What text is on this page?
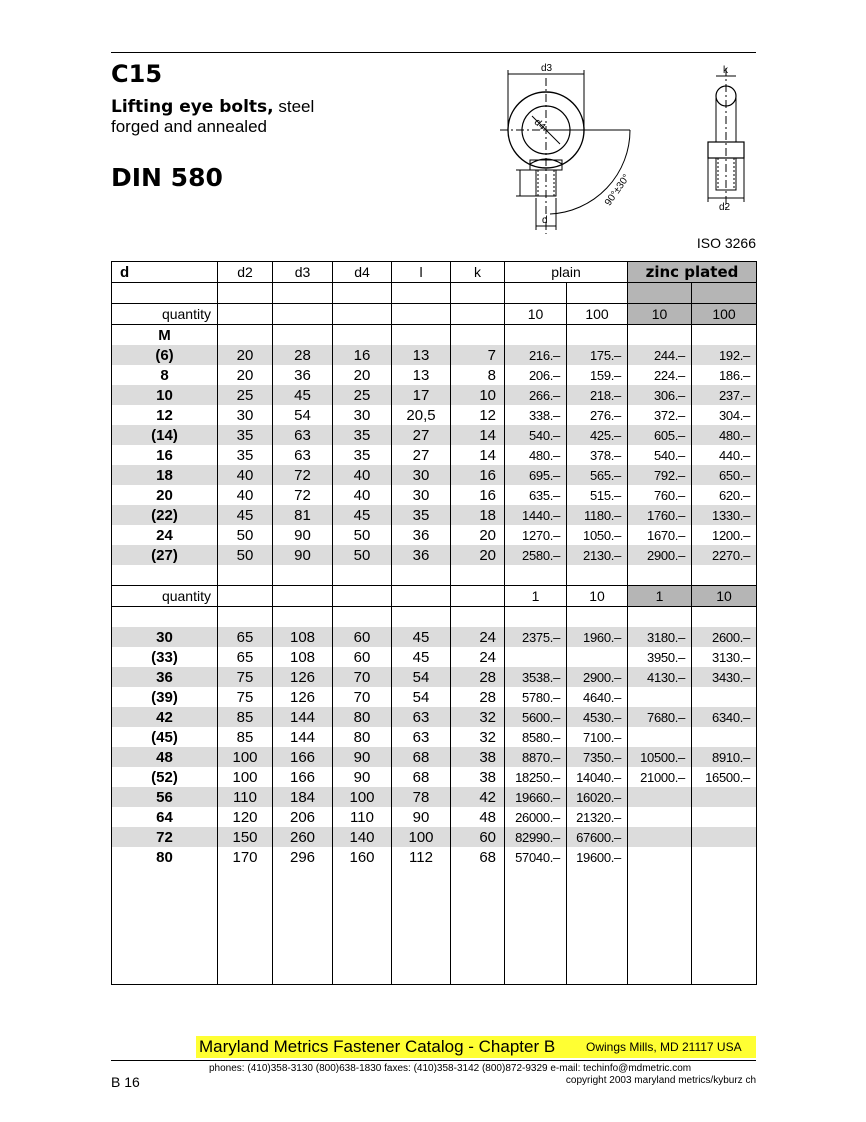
C15
Lifting eye bolts, steel
forged and annealed
DIN 580
d3
d4
d
90°±30°
k
d2
ISO 3266
d	d2	d3	d4	l	k	plain		zinc plated	

quantity						10	100	10	100
M									
(6)	20	28	16	13	7	216.–	175.–	244.–	192.–
8	20	36	20	13	8	206.–	159.–	224.–	186.–
10	25	45	25	17	10	266.–	218.–	306.–	237.–
12	30	54	30	20,5	12	338.–	276.–	372.–	304.–
(14)	35	63	35	27	14	540.–	425.–	605.–	480.–
16	35	63	35	27	14	480.–	378.–	540.–	440.–
18	40	72	40	30	16	695.–	565.–	792.–	650.–
20	40	72	40	30	16	635.–	515.–	760.–	620.–
(22)	45	81	45	35	18	1440.–	1180.–	1760.–	1330.–
24	50	90	50	36	20	1270.–	1050.–	1670.–	1200.–
(27)	50	90	50	36	20	2580.–	2130.–	2900.–	2270.–

quantity						1	10	1	10

30	65	108	60	45	24	2375.–	1960.–	3180.–	2600.–
(33)	65	108	60	45	24			3950.–	3130.–
36	75	126	70	54	28	3538.–	2900.–	4130.–	3430.–
(39)	75	126	70	54	28	5780.–	4640.–		
42	85	144	80	63	32	5600.–	4530.–	7680.–	6340.–
(45)	85	144	80	63	32	8580.–	7100.–		
48	100	166	90	68	38	8870.–	7350.–	10500.–	8910.–
(52)	100	166	90	68	38	18250.–	14040.–	21000.–	16500.–
56	110	184	100	78	42	19660.–	16020.–		
64	120	206	110	90	48	26000.–	21320.–		
72	150	260	140	100	60	82990.–	67600.–		
80	170	296	160	112	68	57040.–	19600.–		

Maryland Metrics Fastener Catalog - Chapter B	Owings Mills, MD 21117 USA
B 16
phones: (410)358-3130 (800)638-1830 faxes: (410)358-3142 (800)872-9329 e-mail: techinfo@mdmetric.com
copyright 2003 maryland metrics/kyburz ch
